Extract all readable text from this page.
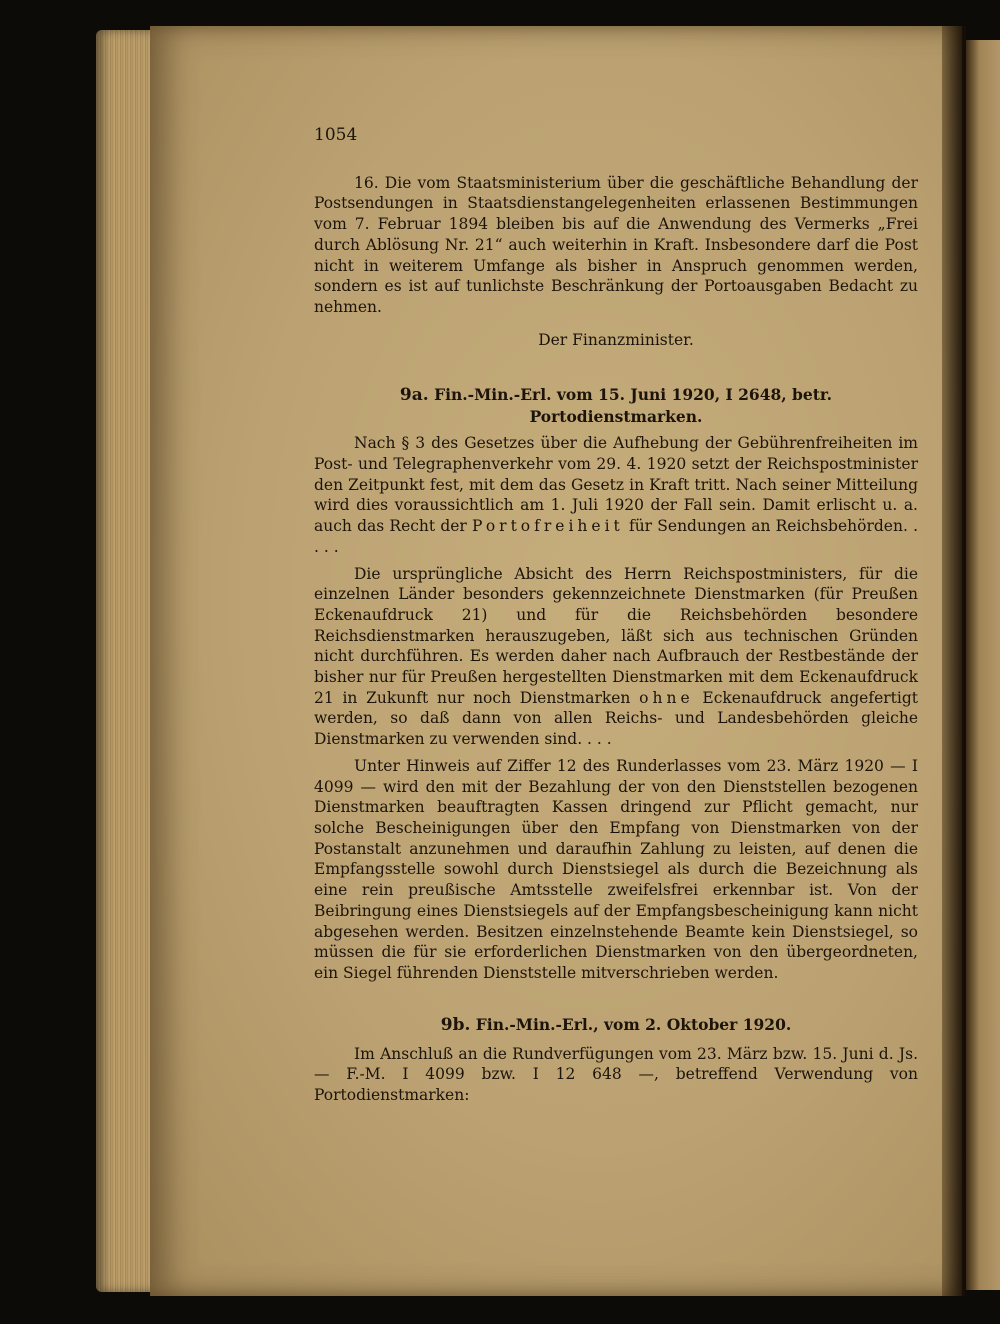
1054

16. Die vom Staatsministerium über die geschäftliche Behandlung der Postsendungen in Staatsdienstangelegenheiten erlassenen Bestimmungen vom 7. Februar 1894 bleiben bis auf die Anwendung des Vermerks „Frei durch Ablösung Nr. 21“ auch weiterhin in Kraft. Insbesondere darf die Post nicht in weiterem Umfange als bisher in Anspruch genommen werden, sondern es ist auf tunlichste Beschränkung der Portoausgaben Bedacht zu nehmen.

Der Finanzminister.

9a. Fin.-Min.-Erl. vom 15. Juni 1920, I 2648, betr. Portodienstmarken.

Nach § 3 des Gesetzes über die Aufhebung der Gebührenfreiheiten im Post- und Telegraphenverkehr vom 29. 4. 1920 setzt der Reichspostminister den Zeitpunkt fest, mit dem das Gesetz in Kraft tritt. Nach seiner Mitteilung wird dies voraussichtlich am 1. Juli 1920 der Fall sein. Damit erlischt u. a. auch das Recht der Portofreiheit für Sendungen an Reichsbehörden. . . . .

Die ursprüngliche Absicht des Herrn Reichspostministers, für die einzelnen Länder besonders gekennzeichnete Dienstmarken (für Preußen Eckenaufdruck 21) und für die Reichsbehörden besondere Reichsdienstmarken herauszugeben, läßt sich aus technischen Gründen nicht durchführen. Es werden daher nach Aufbrauch der Restbestände der bisher nur für Preußen hergestellten Dienstmarken mit dem Eckenaufdruck 21 in Zukunft nur noch Dienstmarken ohne Eckenaufdruck angefertigt werden, so daß dann von allen Reichs- und Landesbehörden gleiche Dienstmarken zu verwenden sind. . . .

Unter Hinweis auf Ziffer 12 des Runderlasses vom 23. März 1920 — I 4099 — wird den mit der Bezahlung der von den Dienststellen bezogenen Dienstmarken beauftragten Kassen dringend zur Pflicht gemacht, nur solche Bescheinigungen über den Empfang von Dienstmarken von der Postanstalt anzunehmen und daraufhin Zahlung zu leisten, auf denen die Empfangsstelle sowohl durch Dienstsiegel als durch die Bezeichnung als eine rein preußische Amtsstelle zweifelsfrei erkennbar ist. Von der Beibringung eines Dienstsiegels auf der Empfangsbescheinigung kann nicht abgesehen werden. Besitzen einzelnstehende Beamte kein Dienstsiegel, so müssen die für sie erforderlichen Dienstmarken von den übergeordneten, ein Siegel führenden Dienststelle mitverschrieben werden.

9b. Fin.-Min.-Erl., vom 2. Oktober 1920.

Im Anschluß an die Rundverfügungen vom 23. März bzw. 15. Juni d. Js. — F.-M. I 4099 bzw. I 12 648 —, betreffend Verwendung von Portodienstmarken:
